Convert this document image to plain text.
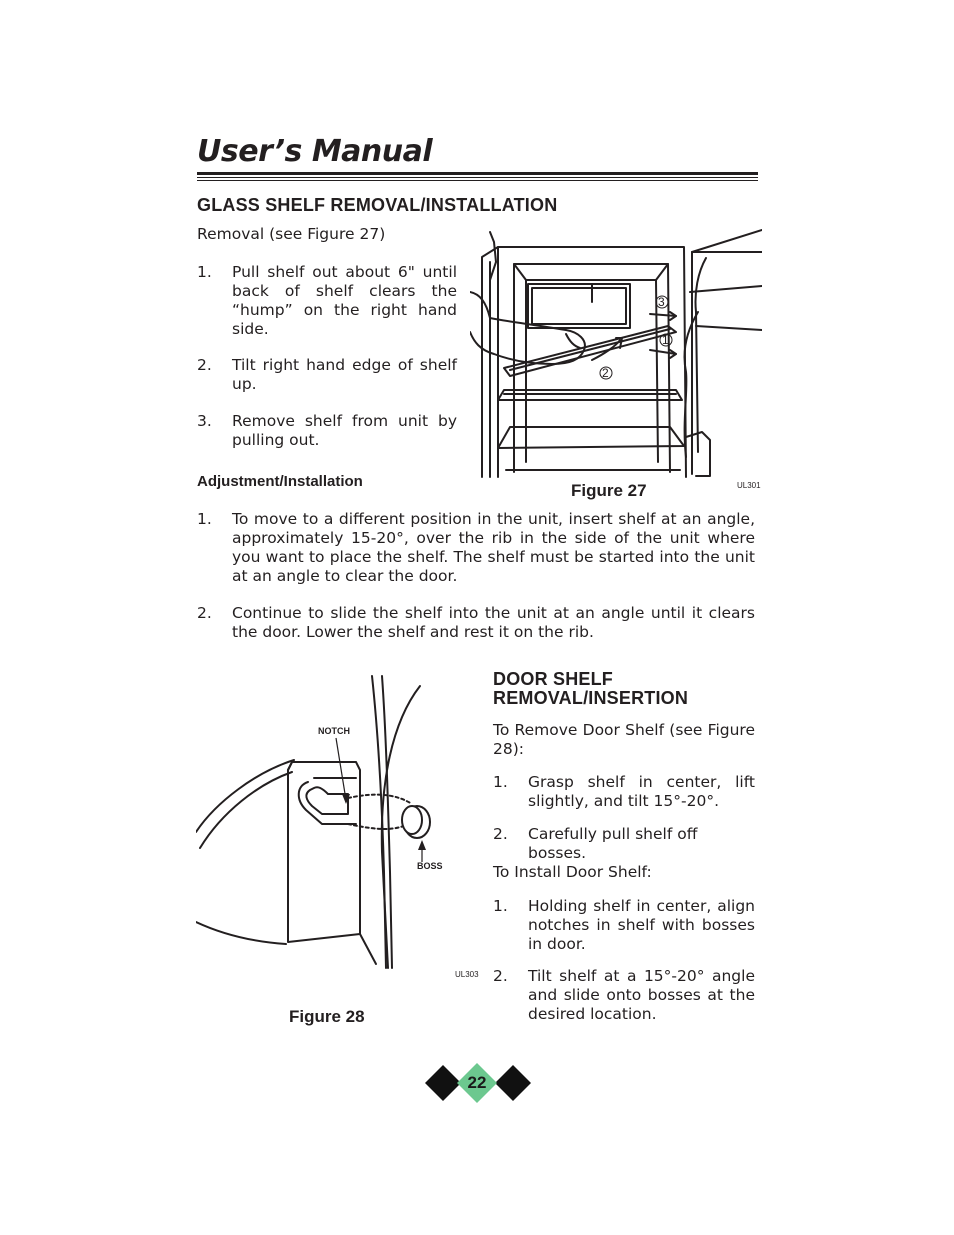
User’s Manual
GLASS SHELF REMOVAL/INSTALLATION
Removal (see Figure 27)
1.	Pull shelf out about 6" until back of shelf clears the “hump” on the right hand side.
2.	Tilt right hand edge of shelf up.
3.	Remove shelf from unit by pulling out.
Adjustment/Installation
3
1
2
Figure 27	UL301
1.	To move to a different position in the unit, insert shelf at an angle, approximately 15-20°, over the rib in the side of the unit where you want to place the shelf. The shelf must be started into the unit at an angle to clear the door.
2.	Continue to slide the shelf into the unit at an angle until it clears the door. Lower the shelf and rest it on the rib.
NOTCH
BOSS
UL303
Figure 28
DOOR SHELF
REMOVAL/INSERTION
To Remove Door Shelf (see Figure 28):
1.	Grasp shelf in center, lift slightly, and tilt 15°-20°.
2.	Carefully pull shelf off bosses.
To Install Door Shelf:
1.	Holding shelf in center, align notches in shelf with bosses in door.
2.	Tilt shelf at a 15°-20° angle and slide onto bosses at the desired location.
22
